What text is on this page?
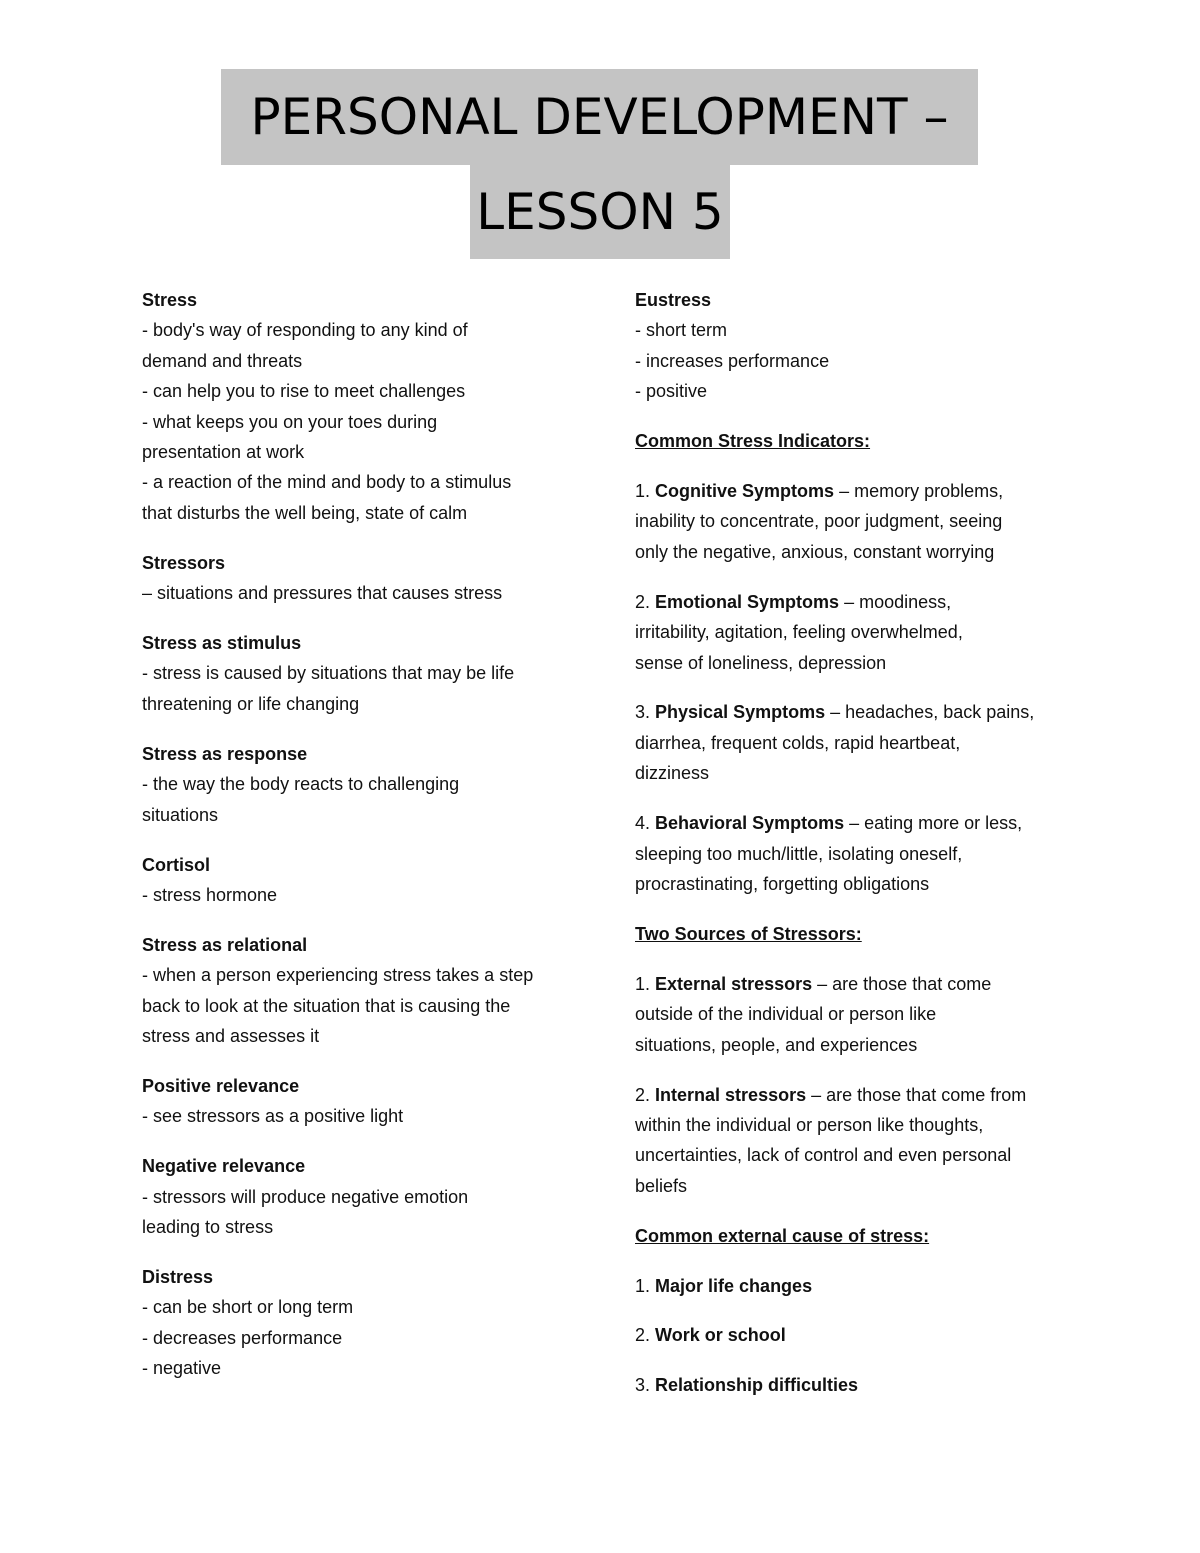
PERSONAL DEVELOPMENT –
LESSON 5

Stress

- body's way of responding to any kind of

demand and threats

- can help you to rise to meet challenges

- what keeps you on your toes during

presentation at work

- a reaction of the mind and body to a stimulus

that disturbs the well being, state of calm

Stressors

– situations and pressures that causes stress

Stress as stimulus

- stress is caused by situations that may be life

threatening or life changing

Stress as response

- the way the body reacts to challenging

situations

Cortisol

- stress hormone

Stress as relational

- when a person experiencing stress takes a step

back to look at the situation that is causing the

stress and assesses it

Positive relevance

- see stressors as a positive light

Negative relevance

- stressors will produce negative emotion

leading to stress

Distress

- can be short or long term

- decreases performance

- negative

Eustress

- short term

- increases performance

- positive

Common Stress Indicators:

1. Cognitive Symptoms – memory problems,

inability to concentrate, poor judgment, seeing

only the negative, anxious, constant worrying

2. Emotional Symptoms – moodiness,

irritability, agitation, feeling overwhelmed,

sense of loneliness, depression

3. Physical Symptoms – headaches, back pains,

diarrhea, frequent colds, rapid heartbeat,

dizziness

4. Behavioral Symptoms – eating more or less,

sleeping too much/little, isolating oneself,

procrastinating, forgetting obligations

Two Sources of Stressors:

1. External stressors – are those that come

outside of the individual or person like

situations, people, and experiences

2. Internal stressors – are those that come from

within the individual or person like thoughts,

uncertainties, lack of control and even personal

beliefs

Common external cause of stress:

1. Major life changes

2. Work or school

3. Relationship difficulties
